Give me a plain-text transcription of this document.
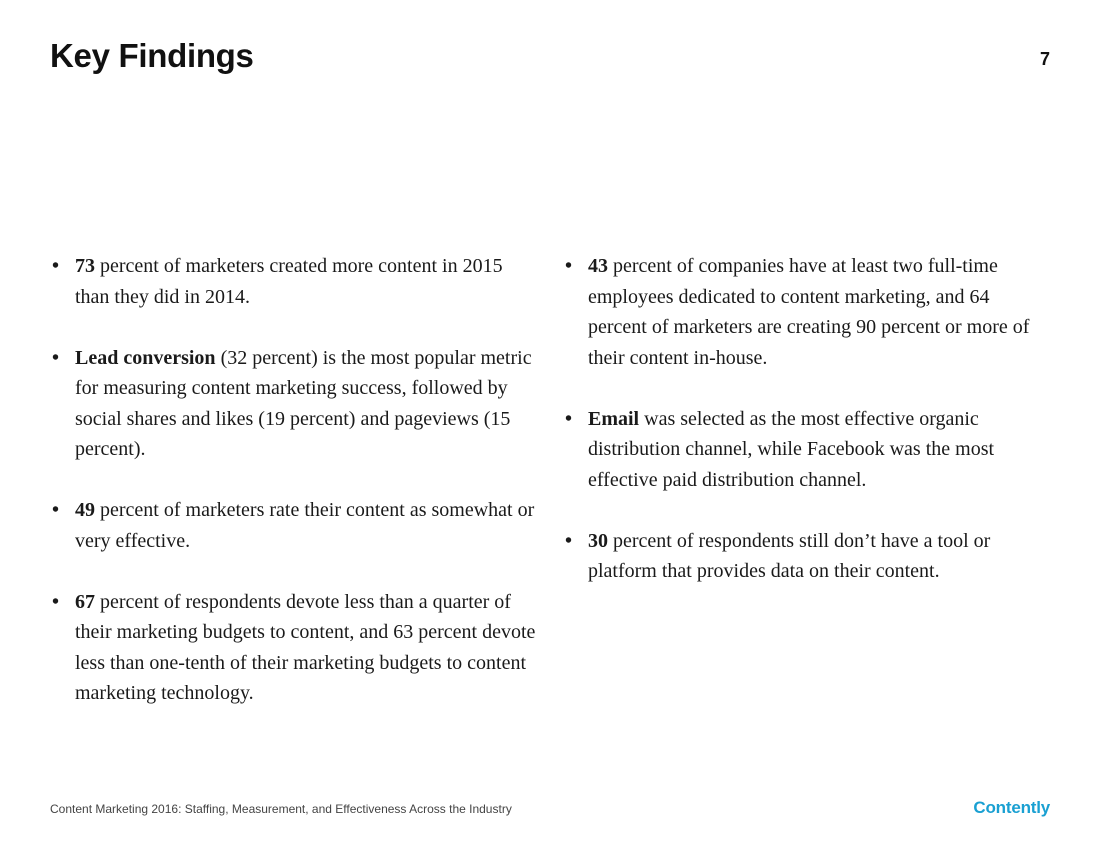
Key Findings	7
• 73 percent of marketers created more content in 2015 than they did in 2014.
• Lead conversion (32 percent) is the most popular metric for measuring content marketing success, followed by social shares and likes (19 percent) and pageviews (15 percent).
• 49 percent of marketers rate their content as somewhat or very effective.
• 67 percent of respondents devote less than a quarter of their marketing budgets to content, and 63 percent devote less than one-tenth of their marketing budgets to content marketing technology.
• 43 percent of companies have at least two full-time employees dedicated to content marketing, and 64 percent of marketers are creating 90 percent or more of their content in-house.
• Email was selected as the most effective organic distribution channel, while Facebook was the most effective paid distribution channel.
• 30 percent of respondents still don’t have a tool or platform that provides data on their content.
Content Marketing 2016: Staffing, Measurement, and Effectiveness Across the Industry	Contently
